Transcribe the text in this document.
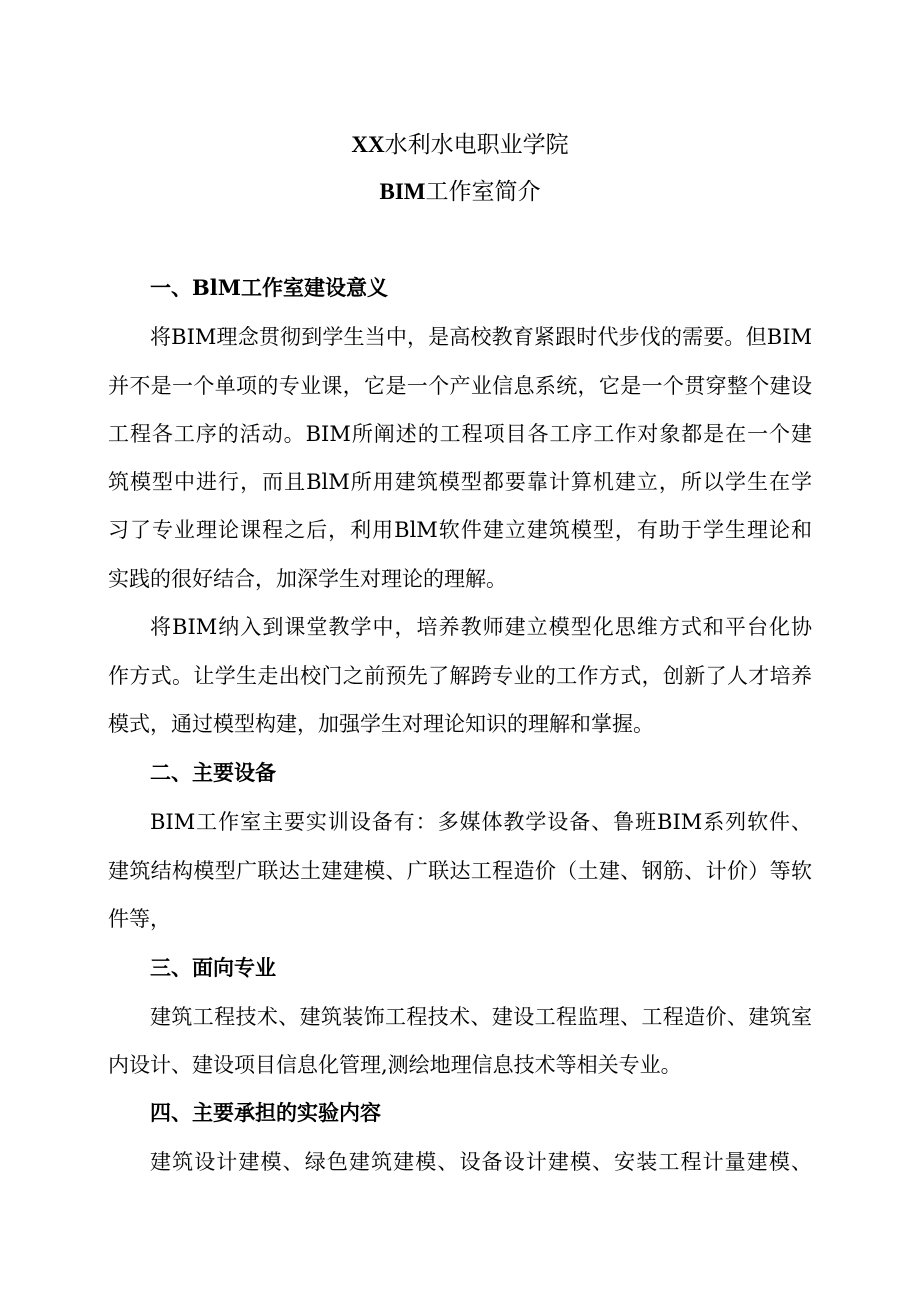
XX水利水电职业学院
BIM工作室简介
一、BlM工作室建设意义
将BIM理念贯彻到学生当中，是高校教育紧跟时代步伐的需要。但BIM
并不是一个单项的专业课，它是一个产业信息系统，它是一个贯穿整个建设
工程各工序的活动。BIM所阐述的工程项目各工序工作对象都是在一个建
筑模型中进行，而且BlM所用建筑模型都要靠计算机建立，所以学生在学
习了专业理论课程之后，利用BlM软件建立建筑模型，有助于学生理论和
实践的很好结合，加深学生对理论的理解。
将BIM纳入到课堂教学中，培养教师建立模型化思维方式和平台化协
作方式。让学生走出校门之前预先了解跨专业的工作方式，创新了人才培养
模式，通过模型构建，加强学生对理论知识的理解和掌握。
二、主要设备
BIM工作室主要实训设备有：多媒体教学设备、鲁班BIM系列软件、
建筑结构模型广联达土建建模、广联达工程造价（土建、钢筋、计价）等软
件等，
三、面向专业
建筑工程技术、建筑装饰工程技术、建设工程监理、工程造价、建筑室
内设计、建设项目信息化管理,测绘地理信息技术等相关专业。
四、主要承担的实验内容
建筑设计建模、绿色建筑建模、设备设计建模、安装工程计量建模、
